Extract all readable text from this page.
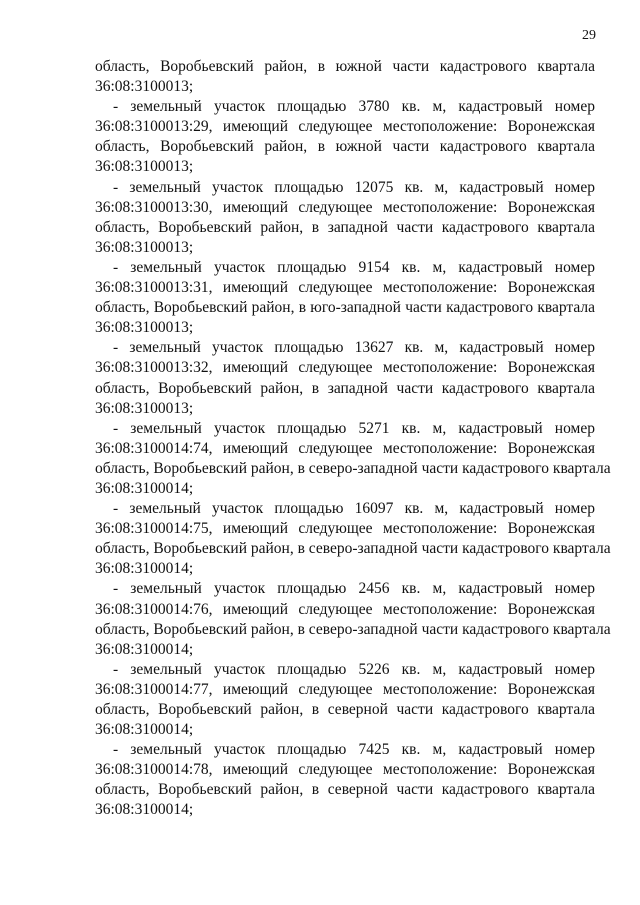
29
область, Воробьевский район, в южной части кадастрового квартала
36:08:3100013;
- земельный участок площадью 3780 кв. м, кадастровый номер
36:08:3100013:29, имеющий следующее местоположение: Воронежская
область, Воробьевский район, в южной части кадастрового квартала
36:08:3100013;
- земельный участок площадью 12075 кв. м, кадастровый номер
36:08:3100013:30, имеющий следующее местоположение: Воронежская
область, Воробьевский район, в западной части кадастрового квартала
36:08:3100013;
- земельный участок площадью 9154 кв. м, кадастровый номер
36:08:3100013:31, имеющий следующее местоположение: Воронежская
область, Воробьевский район, в юго-западной части кадастрового квартала
36:08:3100013;
- земельный участок площадью 13627 кв. м, кадастровый номер
36:08:3100013:32, имеющий следующее местоположение: Воронежская
область, Воробьевский район, в западной части кадастрового квартала
36:08:3100013;
- земельный участок площадью 5271 кв. м, кадастровый номер
36:08:3100014:74, имеющий следующее местоположение: Воронежская
область, Воробьевский район, в северо-западной части кадастрового квартала
36:08:3100014;
- земельный участок площадью 16097 кв. м, кадастровый номер
36:08:3100014:75, имеющий следующее местоположение: Воронежская
область, Воробьевский район, в северо-западной части кадастрового квартала
36:08:3100014;
- земельный участок площадью 2456 кв. м, кадастровый номер
36:08:3100014:76, имеющий следующее местоположение: Воронежская
область, Воробьевский район, в северо-западной части кадастрового квартала
36:08:3100014;
- земельный участок площадью 5226 кв. м, кадастровый номер
36:08:3100014:77, имеющий следующее местоположение: Воронежская
область, Воробьевский район, в северной части кадастрового квартала
36:08:3100014;
- земельный участок площадью 7425 кв. м, кадастровый номер
36:08:3100014:78, имеющий следующее местоположение: Воронежская
область, Воробьевский район, в северной части кадастрового квартала
36:08:3100014;
